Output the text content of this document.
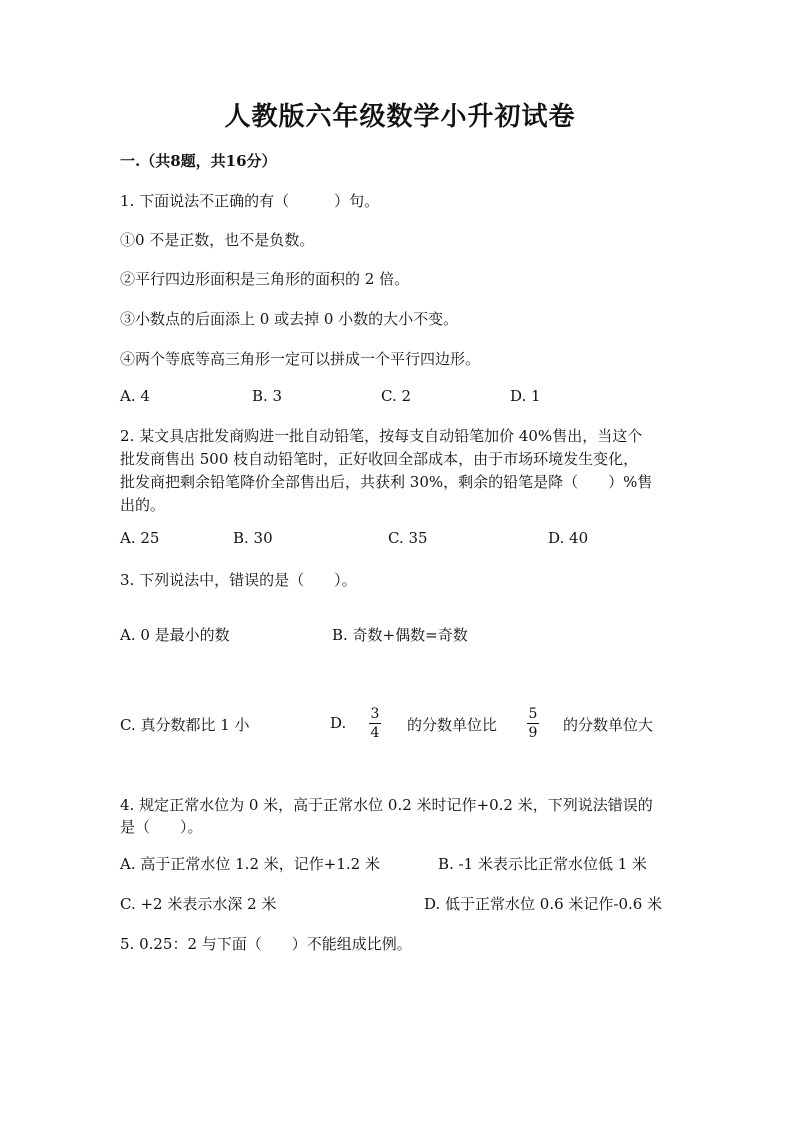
人教版六年级数学小升初试卷
一.（共8题，共16分）
1. 下面说法不正确的有（　　　）句。
①0 不是正数，也不是负数。
②平行四边形面积是三角形的面积的 2 倍。
③小数点的后面添上 0 或去掉 0 小数的大小不变。
④两个等底等高三角形一定可以拼成一个平行四边形。
A. 4	B. 3	C. 2	D. 1
2. 某文具店批发商购进一批自动铅笔，按每支自动铅笔加价 40%售出，当这个
批发商售出 500 枝自动铅笔时，正好收回全部成本，由于市场环境发生变化，
批发商把剩余铅笔降价全部售出后，共获利 30%，剩余的铅笔是降（　　）%售
出的。
A. 25	B. 30	C. 35	D. 40
3. 下列说法中，错误的是（　　）。
A. 0 是最小的数	B. 奇数+偶数=奇数
C. 真分数都比 1 小	D. 3
4 的分数单位比
5
9 的分数单位大
4. 规定正常水位为 0 米，高于正常水位 0.2 米时记作+0.2 米，下列说法错误的
是（　　）。
A. 高于正常水位 1.2 米，记作+1.2 米	B. -1 米表示比正常水位低 1 米
C. +2 米表示水深 2 米	D. 低于正常水位 0.6 米记作-0.6 米
5. 0.25：2 与下面（　　）不能组成比例。
